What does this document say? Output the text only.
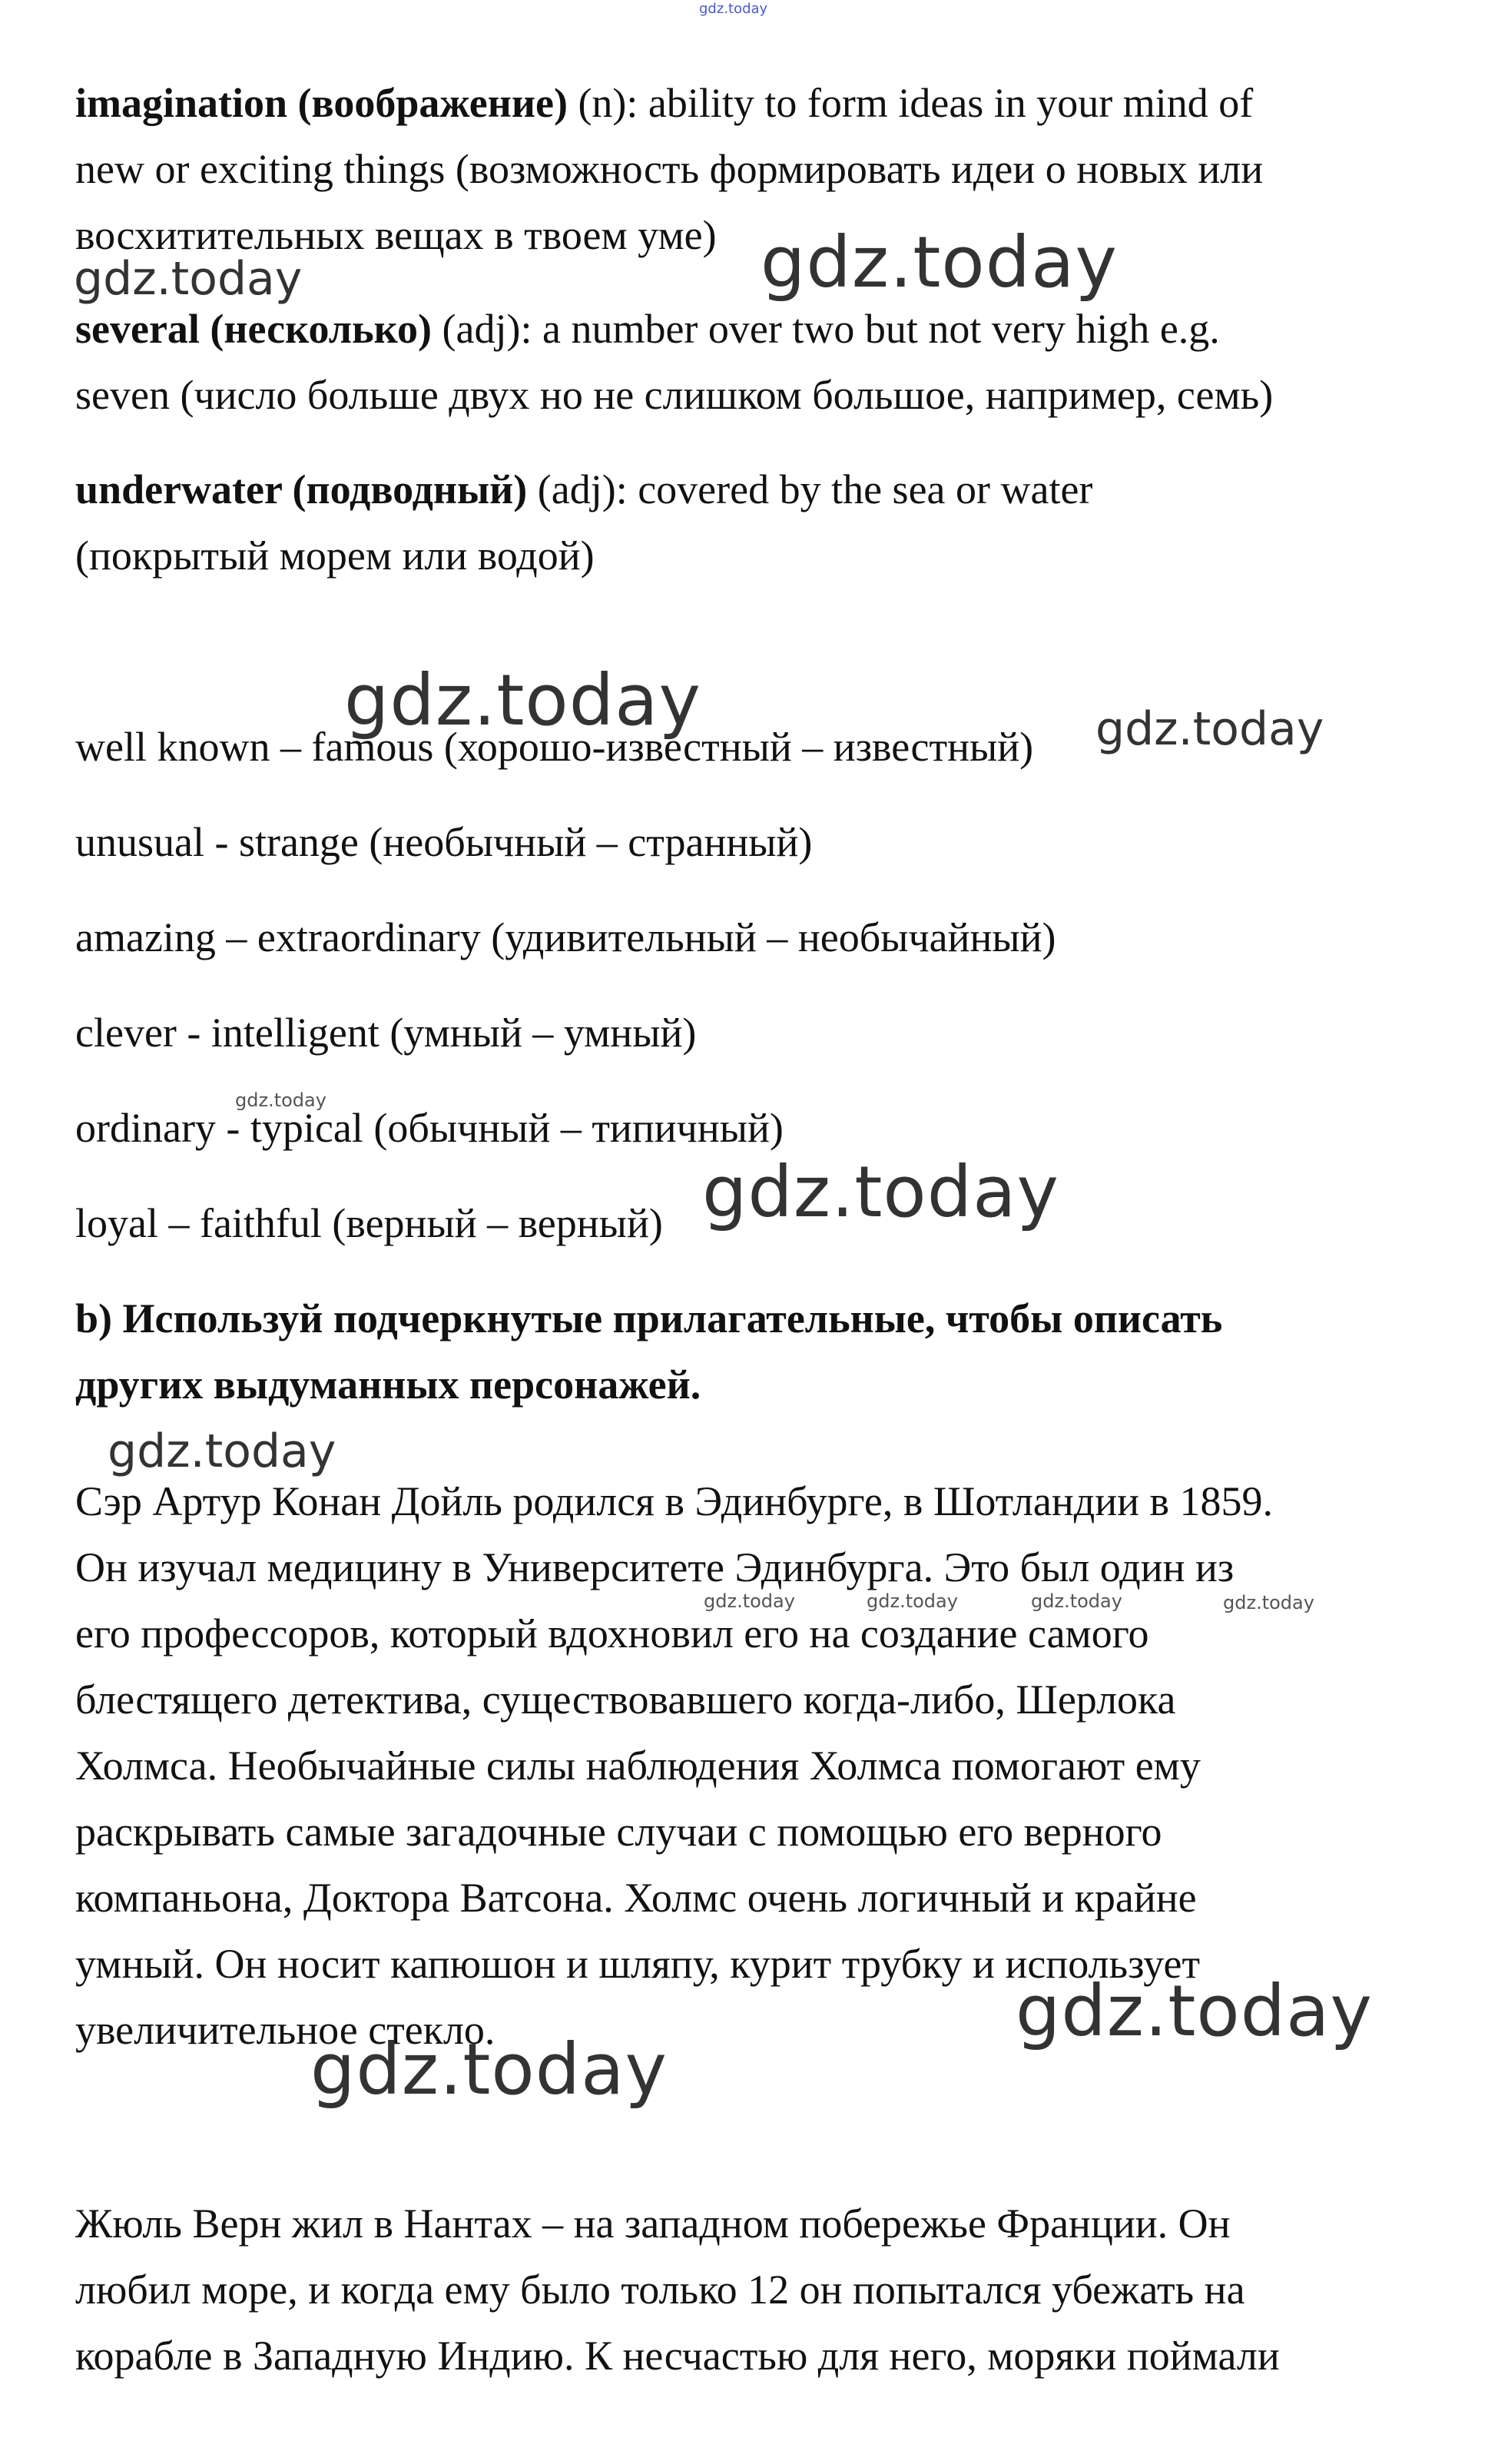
imagination (воображение) (n): ability to form ideas in your mind of
new or exciting things (возможность формировать идеи о новых или
восхитительных вещах в твоем уме)
several (несколько) (adj): a number over two but not very high e.g.
seven (число больше двух но не слишком большое, например, семь)
underwater (подводный) (adj): covered by the sea or water
(покрытый морем или водой)
well known – famous (хорошо-известный – известный)
unusual - strange (необычный – странный)
amazing – extraordinary (удивительный – необычайный)
clever - intelligent (умный – умный)
ordinary - typical (обычный – типичный)
loyal – faithful (верный – верный)
b) Используй подчеркнутые прилагательные, чтобы описать
других выдуманных персонажей.
Сэр Артур Конан Дойль родился в Эдинбурге, в Шотландии в 1859.
Он изучал медицину в Университете Эдинбурга. Это был один из
его профессоров, который вдохновил его на создание самого
блестящего детектива, существовавшего когда-либо, Шерлока
Холмса. Необычайные силы наблюдения Холмса помогают ему
раскрывать самые загадочные случаи с помощью его верного
компаньона, Доктора Ватсона. Холмс очень логичный и крайне
умный. Он носит капюшон и шляпу, курит трубку и использует
увеличительное стекло.
Жюль Верн жил в Нантах – на западном побережье Франции. Он
любил море, и когда ему было только 12 он попытался убежать на
корабле в Западную Индию. К несчастью для него, моряки поймали
gdz.today
gdz.today
gdz.today
gdz.today	gdz.today
gdz.today
gdz.today
gdz.today
gdz.today	gdz.today	gdz.today	gdz.today
gdz.today
gdz.today
